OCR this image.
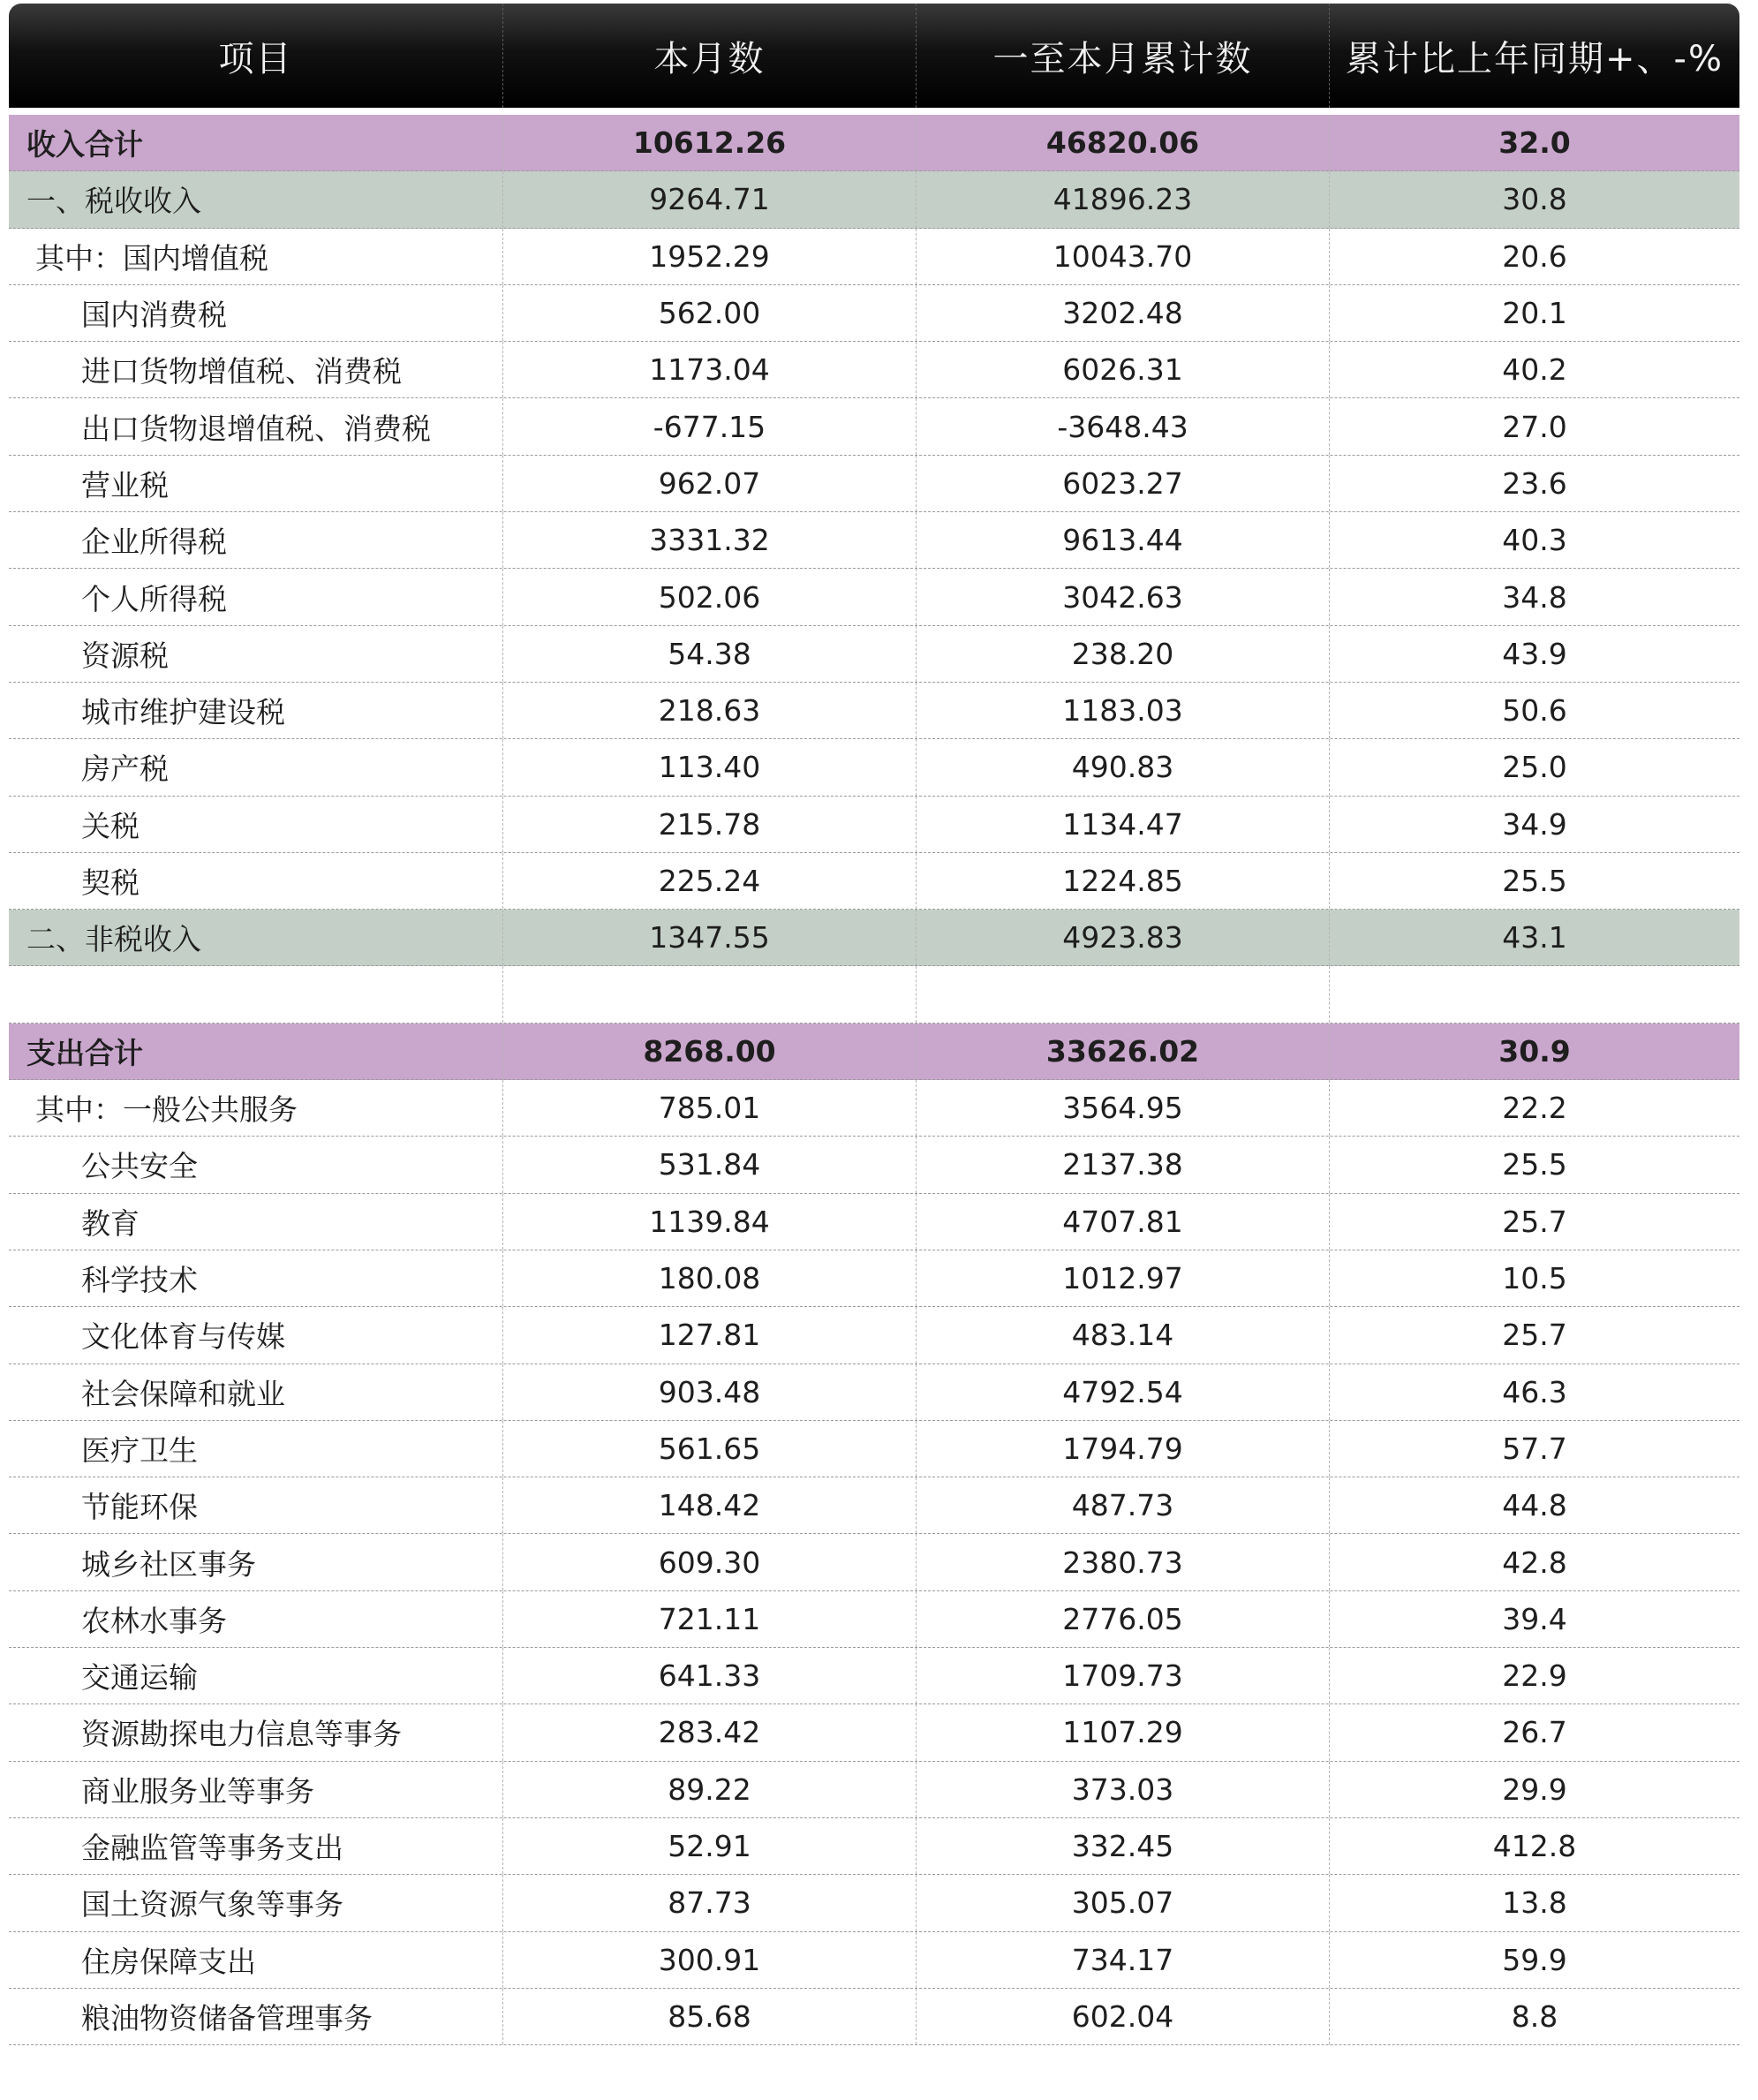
项目	本月数	一至本月累计数	累计比上年同期+、-%
收入合计	10612.26	46820.06	32.0
一、税收收入	9264.71	41896.23	30.8
其中：国内增值税	1952.29	10043.70	20.6
国内消费税	562.00	3202.48	20.1
进口货物增值税、消费税	1173.04	6026.31	40.2
出口货物退增值税、消费税	-677.15	-3648.43	27.0
营业税	962.07	6023.27	23.6
企业所得税	3331.32	9613.44	40.3
个人所得税	502.06	3042.63	34.8
资源税	54.38	238.20	43.9
城市维护建设税	218.63	1183.03	50.6
房产税	113.40	490.83	25.0
关税	215.78	1134.47	34.9
契税	225.24	1224.85	25.5
二、非税收入	1347.55	4923.83	43.1
支出合计	8268.00	33626.02	30.9
其中：一般公共服务	785.01	3564.95	22.2
公共安全	531.84	2137.38	25.5
教育	1139.84	4707.81	25.7
科学技术	180.08	1012.97	10.5
文化体育与传媒	127.81	483.14	25.7
社会保障和就业	903.48	4792.54	46.3
医疗卫生	561.65	1794.79	57.7
节能环保	148.42	487.73	44.8
城乡社区事务	609.30	2380.73	42.8
农林水事务	721.11	2776.05	39.4
交通运输	641.33	1709.73	22.9
资源勘探电力信息等事务	283.42	1107.29	26.7
商业服务业等事务	89.22	373.03	29.9
金融监管等事务支出	52.91	332.45	412.8
国土资源气象等事务	87.73	305.07	13.8
住房保障支出	300.91	734.17	59.9
粮油物资储备管理事务	85.68	602.04	8.8
